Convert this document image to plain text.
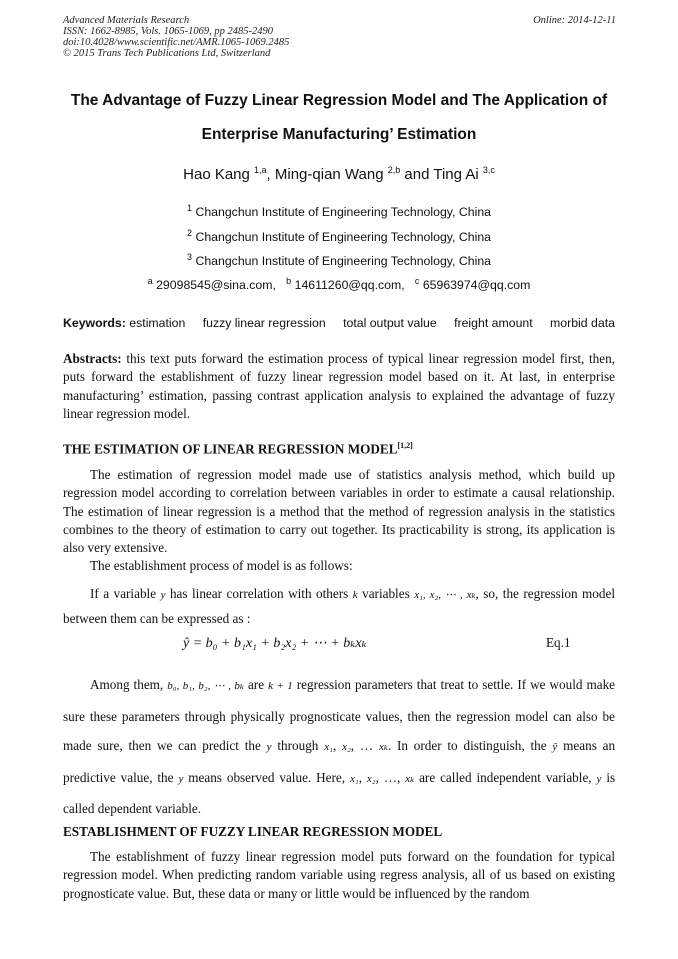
Advanced Materials Research
ISSN: 1662-8985, Vols. 1065-1069, pp 2485-2490
doi:10.4028/www.scientific.net/AMR.1065-1069.2485
© 2015 Trans Tech Publications Ltd, Switzerland
Online: 2014-12-11
The Advantage of Fuzzy Linear Regression Model and The Application of
Enterprise Manufacturing’ Estimation
Hao Kang $^{1,a}$, Ming-qian Wang $^{2,b}$ and Ting Ai $^{3,c}$
$^1$ Changchun Institute of Engineering Technology, China
$^2$ Changchun Institute of Engineering Technology, China
$^3$ Changchun Institute of Engineering Technology, China
$^a$ 29098545@sina.com, $^b$ 14611260@qq.com, $^c$ 65963974@qq.com
Keywords: estimation fuzzy linear regression total output value freight amount morbid data

Abstracts: this text puts forward the estimation process of typical linear regression model first, then, puts forward the establishment of fuzzy linear regression model based on it. At last, in enterprise manufacturing’ estimation, passing contrast application analysis to explained the advantage of fuzzy linear regression model.

THE ESTIMATION OF LINEAR REGRESSION MODEL[1,2]

The estimation of regression model made use of statistics analysis method, which build up regression model according to correlation between variables in order to estimate a causal relationship. The estimation of linear regression is a method that the method of regression analysis in the statistics combines to the theory of estimation to carry out together. Its practicability is strong, its application is also very extensive.

The establishment process of model is as follows:

If a variable y has linear correlation with others k variables x₁, x₂, ⋯ , xₖ, so, the regression model between them can be expressed as :

ŷ = b₀ + b₁x₁ + b₂x₂ + ⋯ + bₖxₖ	Eq.1

Among them, b₀, b₁, b₂, ⋯ , bₖ are k + 1 regression parameters that treat to settle. If we would make sure these parameters through physically prognosticate values, then the regression model can also be made sure, then we can predict the y through x₁, x₂, … xₖ. In order to distinguish, the ŷ means an predictive value, the y means observed value. Here, x₁, x₂, …, xₖ are called independent variable, y is called dependent variable.

ESTABLISHMENT OF FUZZY LINEAR REGRESSION MODEL

The establishment of fuzzy linear regression model puts forward on the foundation for typical regression model. When predicting random variable using regress analysis, all of us based on existing prognosticate value. But, these data or many or little would be influenced by the random
